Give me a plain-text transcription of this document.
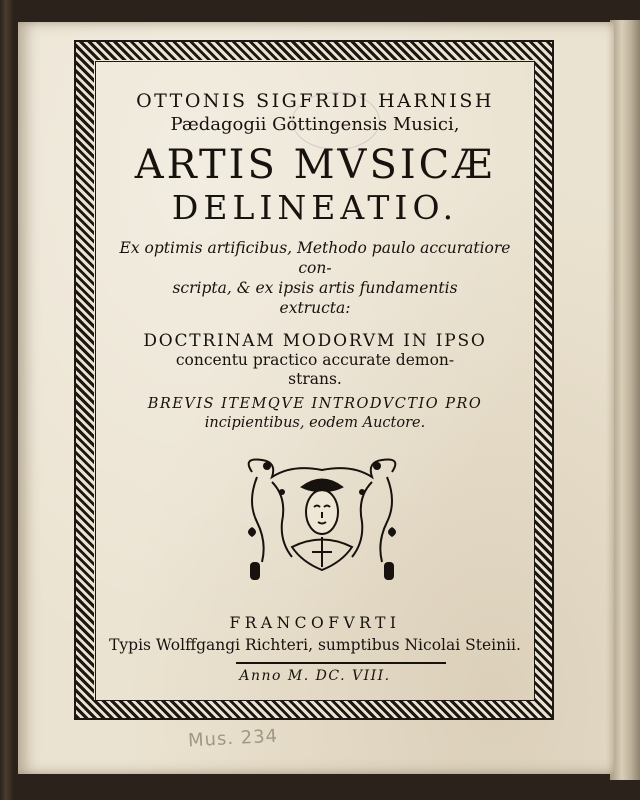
OTTONIS SIGFRIDI HARNISH
Pædagogii Göttingensis Musici,
ARTIS MVSICÆ
DELINEATIO.
Ex optimis artificibus, Methodo paulo accuratiore con-
scripta, & ex ipsis artis fundamentis
extructa:
DOCTRINAM MODORVM IN IPSO
concentu practico accurate demon-
strans.
BREVIS ITEMQVE INTRODVCTIO PRO
incipientibus, eodem Auctore.
FRANCOFVRTI
Typis Wolffgangi Richteri, sumptibus Nicolai Steinii.
Anno M. DC. VIII.
Mus. 234
